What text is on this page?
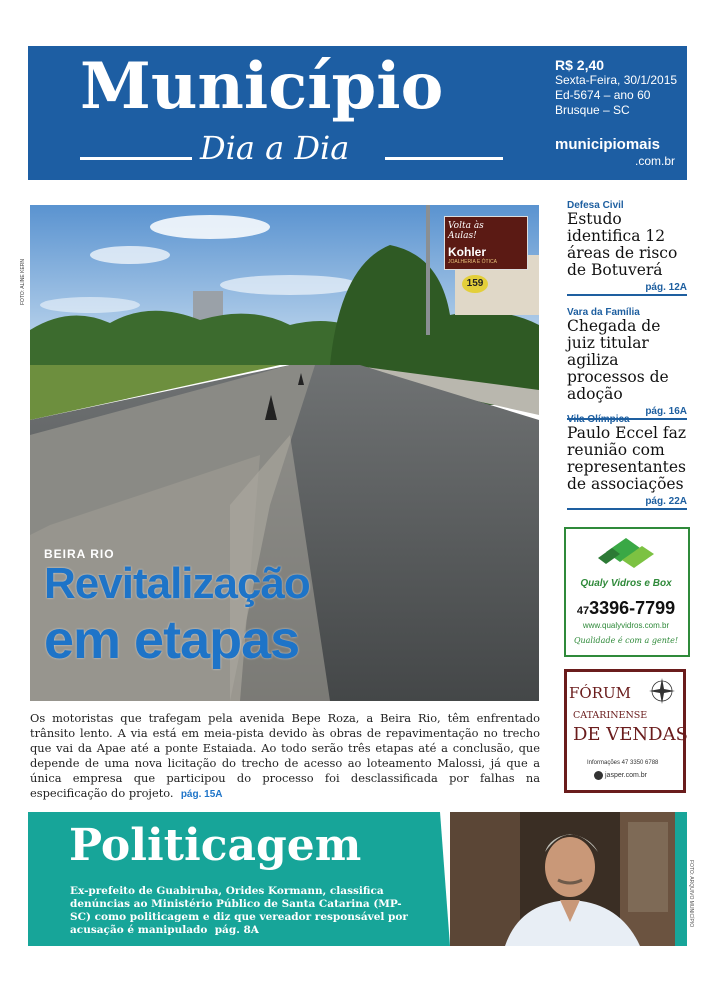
Município
Dia a Dia
R$ 2,40
Sexta-Feira, 30/1/2015
Ed-5674 – ano 60
Brusque – SC
municipiomais
.com.br
FOTO: ALINE KERN
Volta às
Aulas!
Kohler
JOALHERIA E ÓTICA
159
BEIRA RIO
Revitalização
em etapas
Os motoristas que trafegam pela avenida Bepe Roza, a Beira Rio, têm enfrentado trânsito lento. A via está em meia-pista devido às obras de repavimentação no trecho que vai da Apae até a ponte Estaiada. Ao todo serão três etapas até a conclusão, que depende de uma nova licitação do trecho de acesso ao loteamento Malossi, já que a única empresa que participou do processo foi desclassificada por falhas na especificação do projeto. pág. 15A
Defesa Civil
Estudo identifica 12 áreas de risco de Botuverá
pág. 12A
Vara da Família
Chegada de juiz titular agiliza processos de adoção
pág. 16A
Vila Olímpica
Paulo Eccel faz reunião com representantes de associações
pág. 22A
Qualy Vidros e Box
473396-7799
www.qualyvidros.com.br
Qualidade é com a gente!
FÓRUM
CATARINENSE
DE VENDAS
Informações 47 3350 6788
jasper.com.br
Politicagem
Ex-prefeito de Guabiruba, Orides Kormann, classifica denúncias ao Ministério Público de Santa Catarina (MP-SC) como politicagem e diz que vereador responsável por acusação é manipulado pág. 8A
FOTO: ARQUIVO MUNICÍPIO
